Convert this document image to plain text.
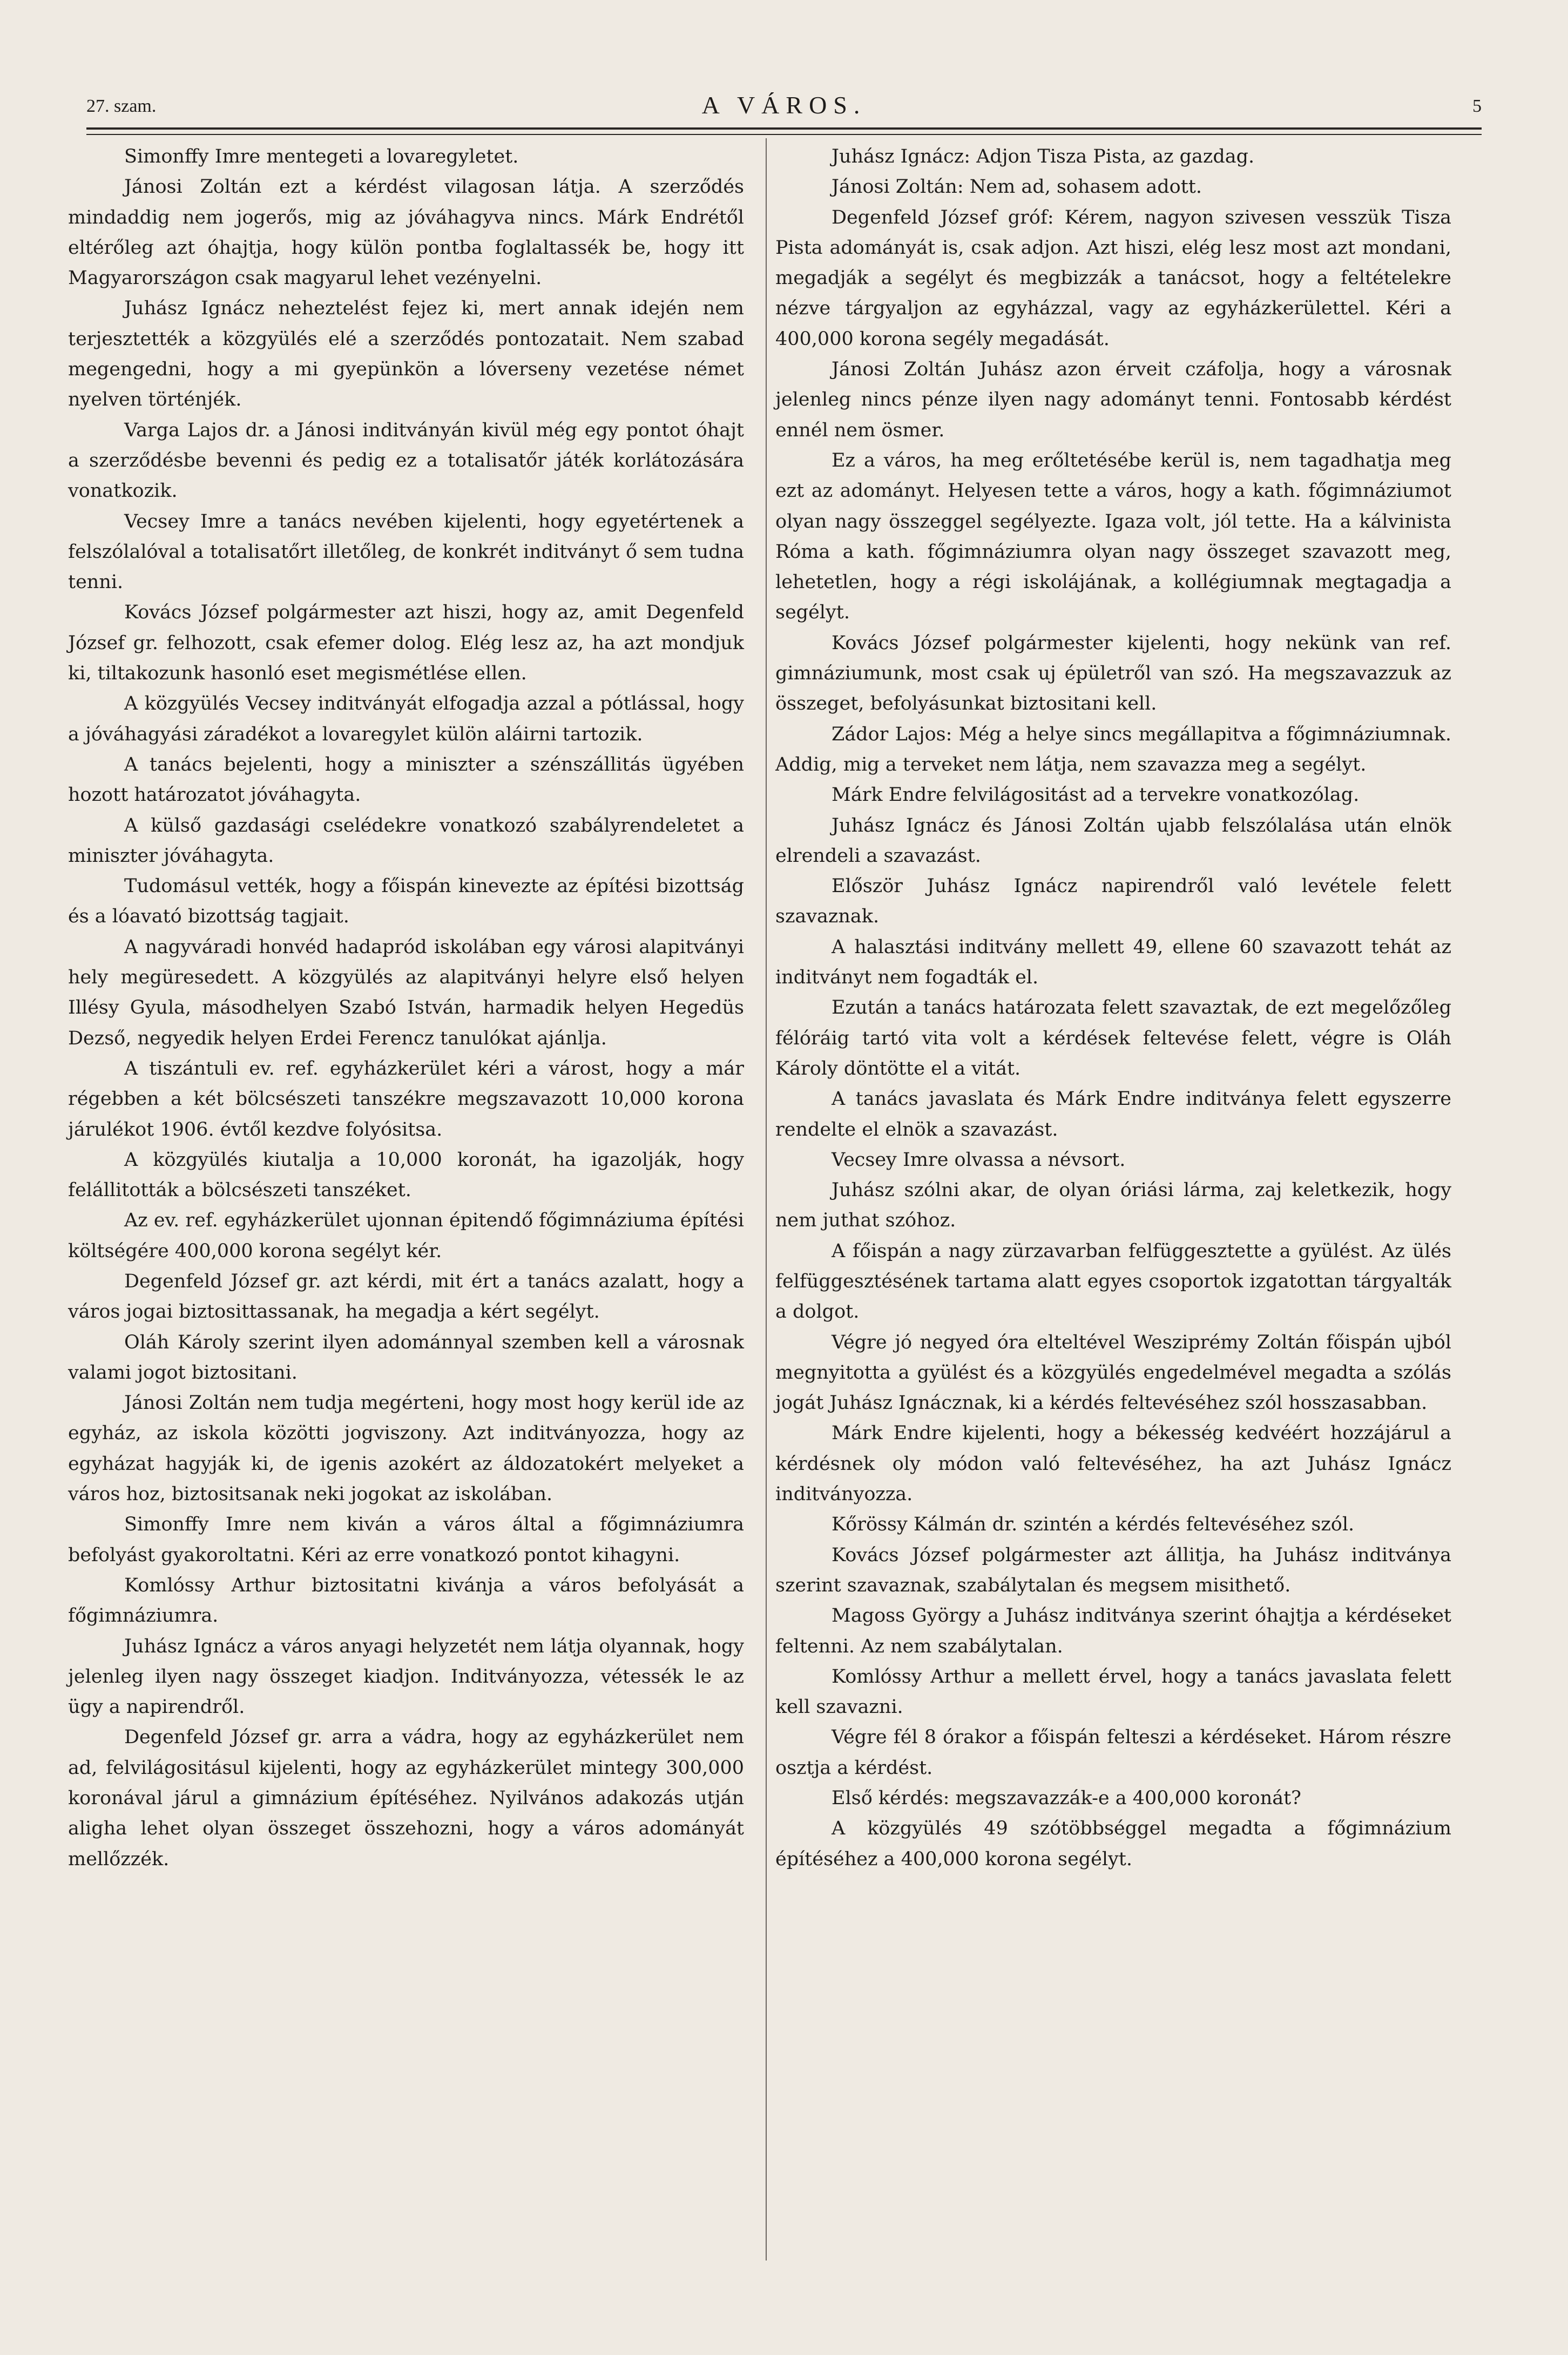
27. szam.	A VÁROS.	5

Simonffy Imre mentegeti a lovaregyletet.

Jánosi Zoltán ezt a kérdést vilagosan látja. A szerződés mindaddig nem jogerős, mig az jóváhagyva nincs. Márk Endrétől eltérőleg azt óhajtja, hogy külön pontba foglaltassék be, hogy itt Magyarországon csak magyarul lehet vezényelni.

Juhász Ignácz neheztelést fejez ki, mert annak idején nem terjesztették a közgyülés elé a szerződés pontozatait. Nem szabad megengedni, hogy a mi gyepünkön a lóverseny vezetése német nyelven történjék.

Varga Lajos dr. a Jánosi inditványán kivül még egy pontot óhajt a szerződésbe bevenni és pedig ez a totalisatőr játék korlátozására vonatkozik.

Vecsey Imre a tanács nevében kijelenti, hogy egyetértenek a felszólalóval a totalisatőrt illetőleg, de konkrét inditványt ő sem tudna tenni.

Kovács József polgármester azt hiszi, hogy az, amit Degenfeld József gr. felhozott, csak efemer dolog. Elég lesz az, ha azt mondjuk ki, tiltakozunk hasonló eset megismétlése ellen.

A közgyülés Vecsey inditványát elfogadja azzal a pótlással, hogy a jóváhagyási záradékot a lovaregylet külön aláirni tartozik.

A tanács bejelenti, hogy a miniszter a szénszállitás ügyében hozott határozatot jóváhagyta.

A külső gazdasági cselédekre vonatkozó szabályrendeletet a miniszter jóváhagyta.

Tudomásul vették, hogy a főispán kinevezte az építési bizottság és a lóavató bizottság tagjait.

A nagyváradi honvéd hadapród iskolában egy városi alapitványi hely megüresedett. A közgyülés az alapitványi helyre első helyen Illésy Gyula, másodhelyen Szabó István, harmadik helyen Hegedüs Dezső, negyedik helyen Erdei Ferencz tanulókat ajánlja.

A tiszántuli ev. ref. egyházkerület kéri a várost, hogy a már régebben a két bölcsészeti tanszékre megszavazott 10,000 korona járulékot 1906. évtől kezdve folyósitsa.

A közgyülés kiutalja a 10,000 koronát, ha igazolják, hogy felállitották a bölcsészeti tanszéket.

Az ev. ref. egyházkerület ujonnan épitendő főgimnáziuma építési költségére 400,000 korona segélyt kér.

Degenfeld József gr. azt kérdi, mit ért a tanács azalatt, hogy a város jogai biztosittassanak, ha megadja a kért segélyt.

Oláh Károly szerint ilyen adománnyal szemben kell a városnak valami jogot biztositani.

Jánosi Zoltán nem tudja megérteni, hogy most hogy kerül ide az egyház, az iskola közötti jogviszony. Azt inditványozza, hogy az egyházat hagyják ki, de igenis azokért az áldozatokért melyeket a város hoz, biztositsanak neki jogokat az iskolában.

Simonffy Imre nem kiván a város által a főgimnáziumra befolyást gyakoroltatni. Kéri az erre vonatkozó pontot kihagyni.

Komlóssy Arthur biztositatni kivánja a város befolyását a főgimnáziumra.

Juhász Ignácz a város anyagi helyzetét nem látja olyannak, hogy jelenleg ilyen nagy összeget kiadjon. Inditványozza, vétessék le az ügy a napirendről.

Degenfeld József gr. arra a vádra, hogy az egyházkerület nem ad, felvilágositásul kijelenti, hogy az egyházkerület mintegy 300,000 koronával járul a gimnázium építéséhez. Nyilvános adakozás utján aligha lehet olyan összeget összehozni, hogy a város adományát mellőzzék.

Juhász Ignácz: Adjon Tisza Pista, az gazdag.

Jánosi Zoltán: Nem ad, sohasem adott.

Degenfeld József gróf: Kérem, nagyon szivesen vesszük Tisza Pista adományát is, csak adjon. Azt hiszi, elég lesz most azt mondani, megadják a segélyt és megbizzák a tanácsot, hogy a feltételekre nézve tárgyaljon az egyházzal, vagy az egyházkerülettel. Kéri a 400,000 korona segély megadását.

Jánosi Zoltán Juhász azon érveit czáfolja, hogy a városnak jelenleg nincs pénze ilyen nagy adományt tenni. Fontosabb kérdést ennél nem ösmer.

Ez a város, ha meg erőltetésébe kerül is, nem tagadhatja meg ezt az adományt. Helyesen tette a város, hogy a kath. főgimnáziumot olyan nagy összeggel segélyezte. Igaza volt, jól tette. Ha a kálvinista Róma a kath. főgimnáziumra olyan nagy összeget szavazott meg, lehetetlen, hogy a régi iskolájának, a kollégiumnak megtagadja a segélyt.

Kovács József polgármester kijelenti, hogy nekünk van ref. gimnáziumunk, most csak uj épületről van szó. Ha megszavazzuk az összeget, befolyásunkat biztositani kell.

Zádor Lajos: Még a helye sincs megállapitva a főgimnáziumnak. Addig, mig a terveket nem látja, nem szavazza meg a segélyt.

Márk Endre felvilágositást ad a tervekre vonatkozólag.

Juhász Ignácz és Jánosi Zoltán ujabb felszólalása után elnök elrendeli a szavazást.

Először Juhász Ignácz napirendről való levétele felett szavaznak.

A halasztási inditvány mellett 49, ellene 60 szavazott tehát az inditványt nem fogadták el.

Ezután a tanács határozata felett szavaztak, de ezt megelőzőleg félóráig tartó vita volt a kérdések feltevése felett, végre is Oláh Károly döntötte el a vitát.

A tanács javaslata és Márk Endre inditványa felett egyszerre rendelte el elnök a szavazást.

Vecsey Imre olvassa a névsort.

Juhász szólni akar, de olyan óriási lárma, zaj keletkezik, hogy nem juthat szóhoz.

A főispán a nagy zürzavarban felfüggesztette a gyülést. Az ülés felfüggesztésének tartama alatt egyes csoportok izgatottan tárgyalták a dolgot.

Végre jó negyed óra elteltével Wesziprémy Zoltán főispán ujból megnyitotta a gyülést és a közgyülés engedelmével megadta a szólás jogát Juhász Ignácznak, ki a kérdés feltevéséhez szól hosszasabban.

Márk Endre kijelenti, hogy a békesség kedvéért hozzájárul a kérdésnek oly módon való feltevéséhez, ha azt Juhász Ignácz inditványozza.

Kőrössy Kálmán dr. szintén a kérdés feltevéséhez szól.

Kovács József polgármester azt állitja, ha Juhász inditványa szerint szavaznak, szabálytalan és megsem misithető.

Magoss György a Juhász inditványa szerint óhajtja a kérdéseket feltenni. Az nem szabálytalan.

Komlóssy Arthur a mellett érvel, hogy a tanács javaslata felett kell szavazni.

Végre fél 8 órakor a főispán felteszi a kérdéseket. Három részre osztja a kérdést.

Első kérdés: megszavazzák-e a 400,000 koronát?

A közgyülés 49 szótöbbséggel megadta a főgimnázium építéséhez a 400,000 korona segélyt.
